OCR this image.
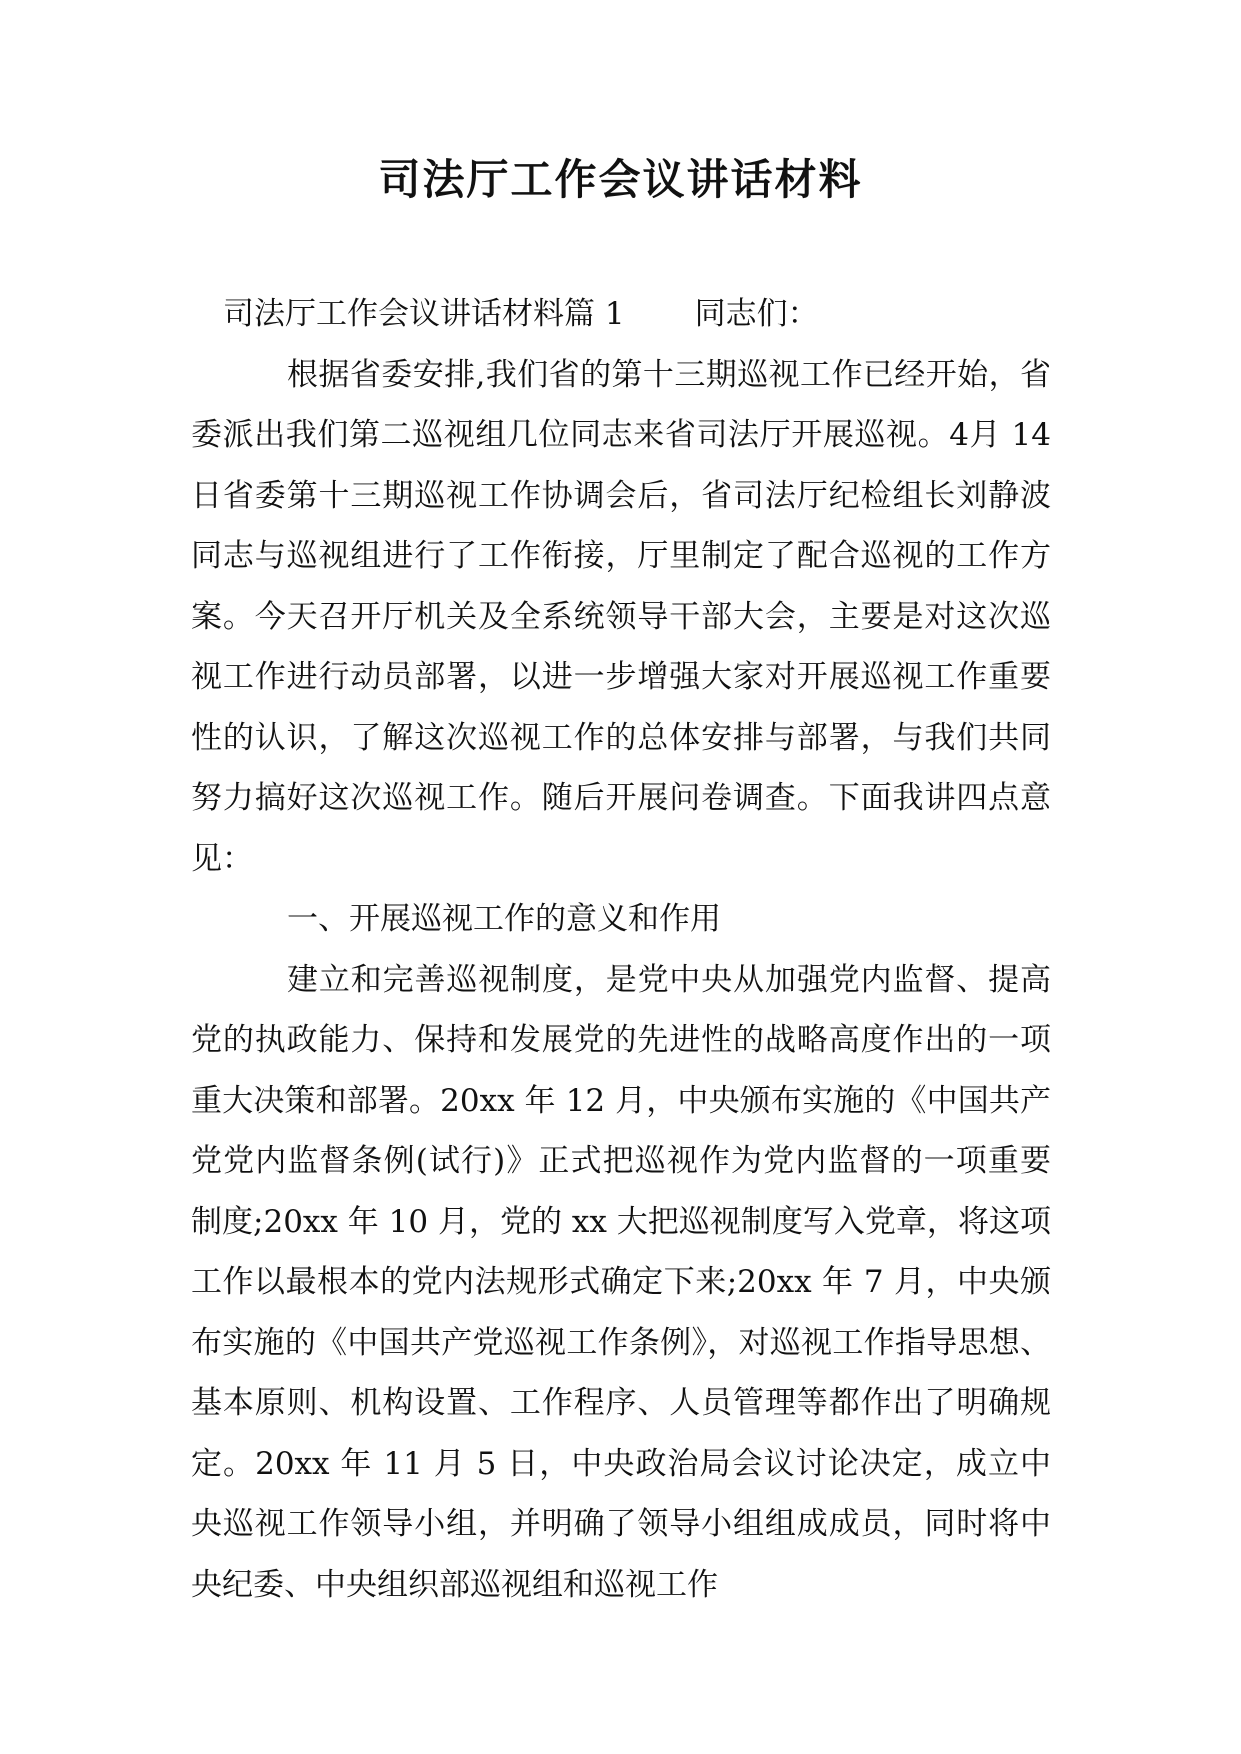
司法厅工作会议讲话材料

司法厅工作会议讲话材料篇 1 同志们：

根据省委安排,我们省的第十三期巡视工作已经开始，省委派出我们第二巡视组几位同志来省司法厅开展巡视。4月 14 日省委第十三期巡视工作协调会后，省司法厅纪检组长刘静波同志与巡视组进行了工作衔接，厅里制定了配合巡视的工作方案。今天召开厅机关及全系统领导干部大会，主要是对这次巡视工作进行动员部署，以进一步增强大家对开展巡视工作重要性的认识，了解这次巡视工作的总体安排与部署，与我们共同努力搞好这次巡视工作。随后开展问卷调查。下面我讲四点意见：

一、开展巡视工作的意义和作用

建立和完善巡视制度，是党中央从加强党内监督、提高党的执政能力、保持和发展党的先进性的战略高度作出的一项重大决策和部署。20xx 年 12 月，中央颁布实施的《中国共产党党内监督条例(试行)》正式把巡视作为党内监督的一项重要制度;20xx 年 10 月，党的 xx 大把巡视制度写入党章，将这项工作以最根本的党内法规形式确定下来;20xx 年 7 月，中央颁布实施的《中国共产党巡视工作条例》，对巡视工作指导思想、基本原则、机构设置、工作程序、人员管理等都作出了明确规定。20xx 年 11 月 5 日，中央政治局会议讨论决定，成立中央巡视工作领导小组，并明确了领导小组组成成员，同时将中央纪委、中央组织部巡视组和巡视工作
